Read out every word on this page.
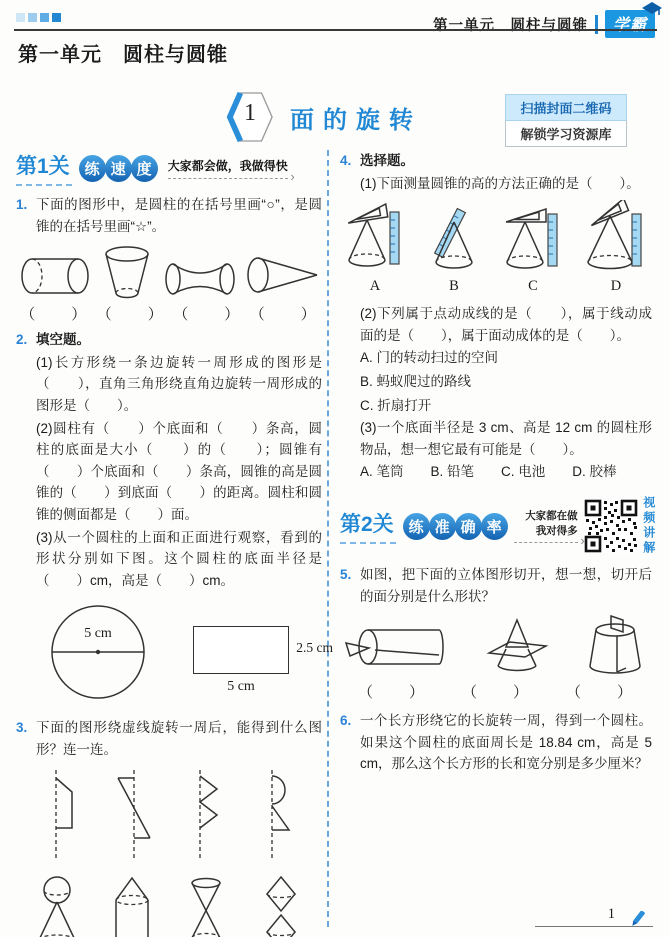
第一单元　圆柱与圆锥	学霸
第一单元　圆柱与圆锥
1	面的旋转	扫描封面二维码
解锁学习资源库
第1关 练 速 度	大家都会做，我做得快
›
1. 下面的图形中，是圆柱的在括号里画“○”，是圆锥的在括号里画“☆”。
（　　） （　　） （　　） （　　）
2. 填空题。
(1)长方形绕一条边旋转一周形成的图形是（　　），直角三角形绕直角边旋转一周形成的图形是（　　）。
(2)圆柱有（　　）个底面和（　　）条高，圆柱的底面是大小（　　）的（　　）；圆锥有（　　）个底面和（　　）条高，圆锥的高是圆锥的（　　）到底面（　　）的距离。圆柱和圆锥的侧面都是（　　）面。
(3)从一个圆柱的上面和正面进行观察，看到的形状分别如下图。这个圆柱的底面半径是（　　）cm，高是（　　）cm。
5 cm
2.5 cm
5 cm
3. 下面的图形绕虚线旋转一周后，能得到什么图形？连一连。
4. 选择题。
(1)下面测量圆锥的高的方法正确的是（　　）。
A	B	C	D
(2)下列属于点动成线的是（　　），属于线动成面的是（　　），属于面动成体的是（　　）。
A. 门的转动扫过的空间
B. 蚂蚁爬过的路线
C. 折扇打开
(3)一个底面半径是 3 cm、高是 12 cm 的圆柱形物品，想一想它最有可能是（　　）。
A. 笔筒　　B. 铅笔　　C. 电池　　D. 胶棒
第2关 练 准 确 率
大家都在做
我对得多 ›	视频讲解
5. 如图，把下面的立体图形切开，想一想，切开后的面分别是什么形状？
（　　）	（　　）	（　　）
6. 一个长方形绕它的长旋转一周，得到一个圆柱。如果这个圆柱的底面周长是 18.84 cm，高是 5 cm，那么这个长方形的长和宽分别是多少厘米？
1
